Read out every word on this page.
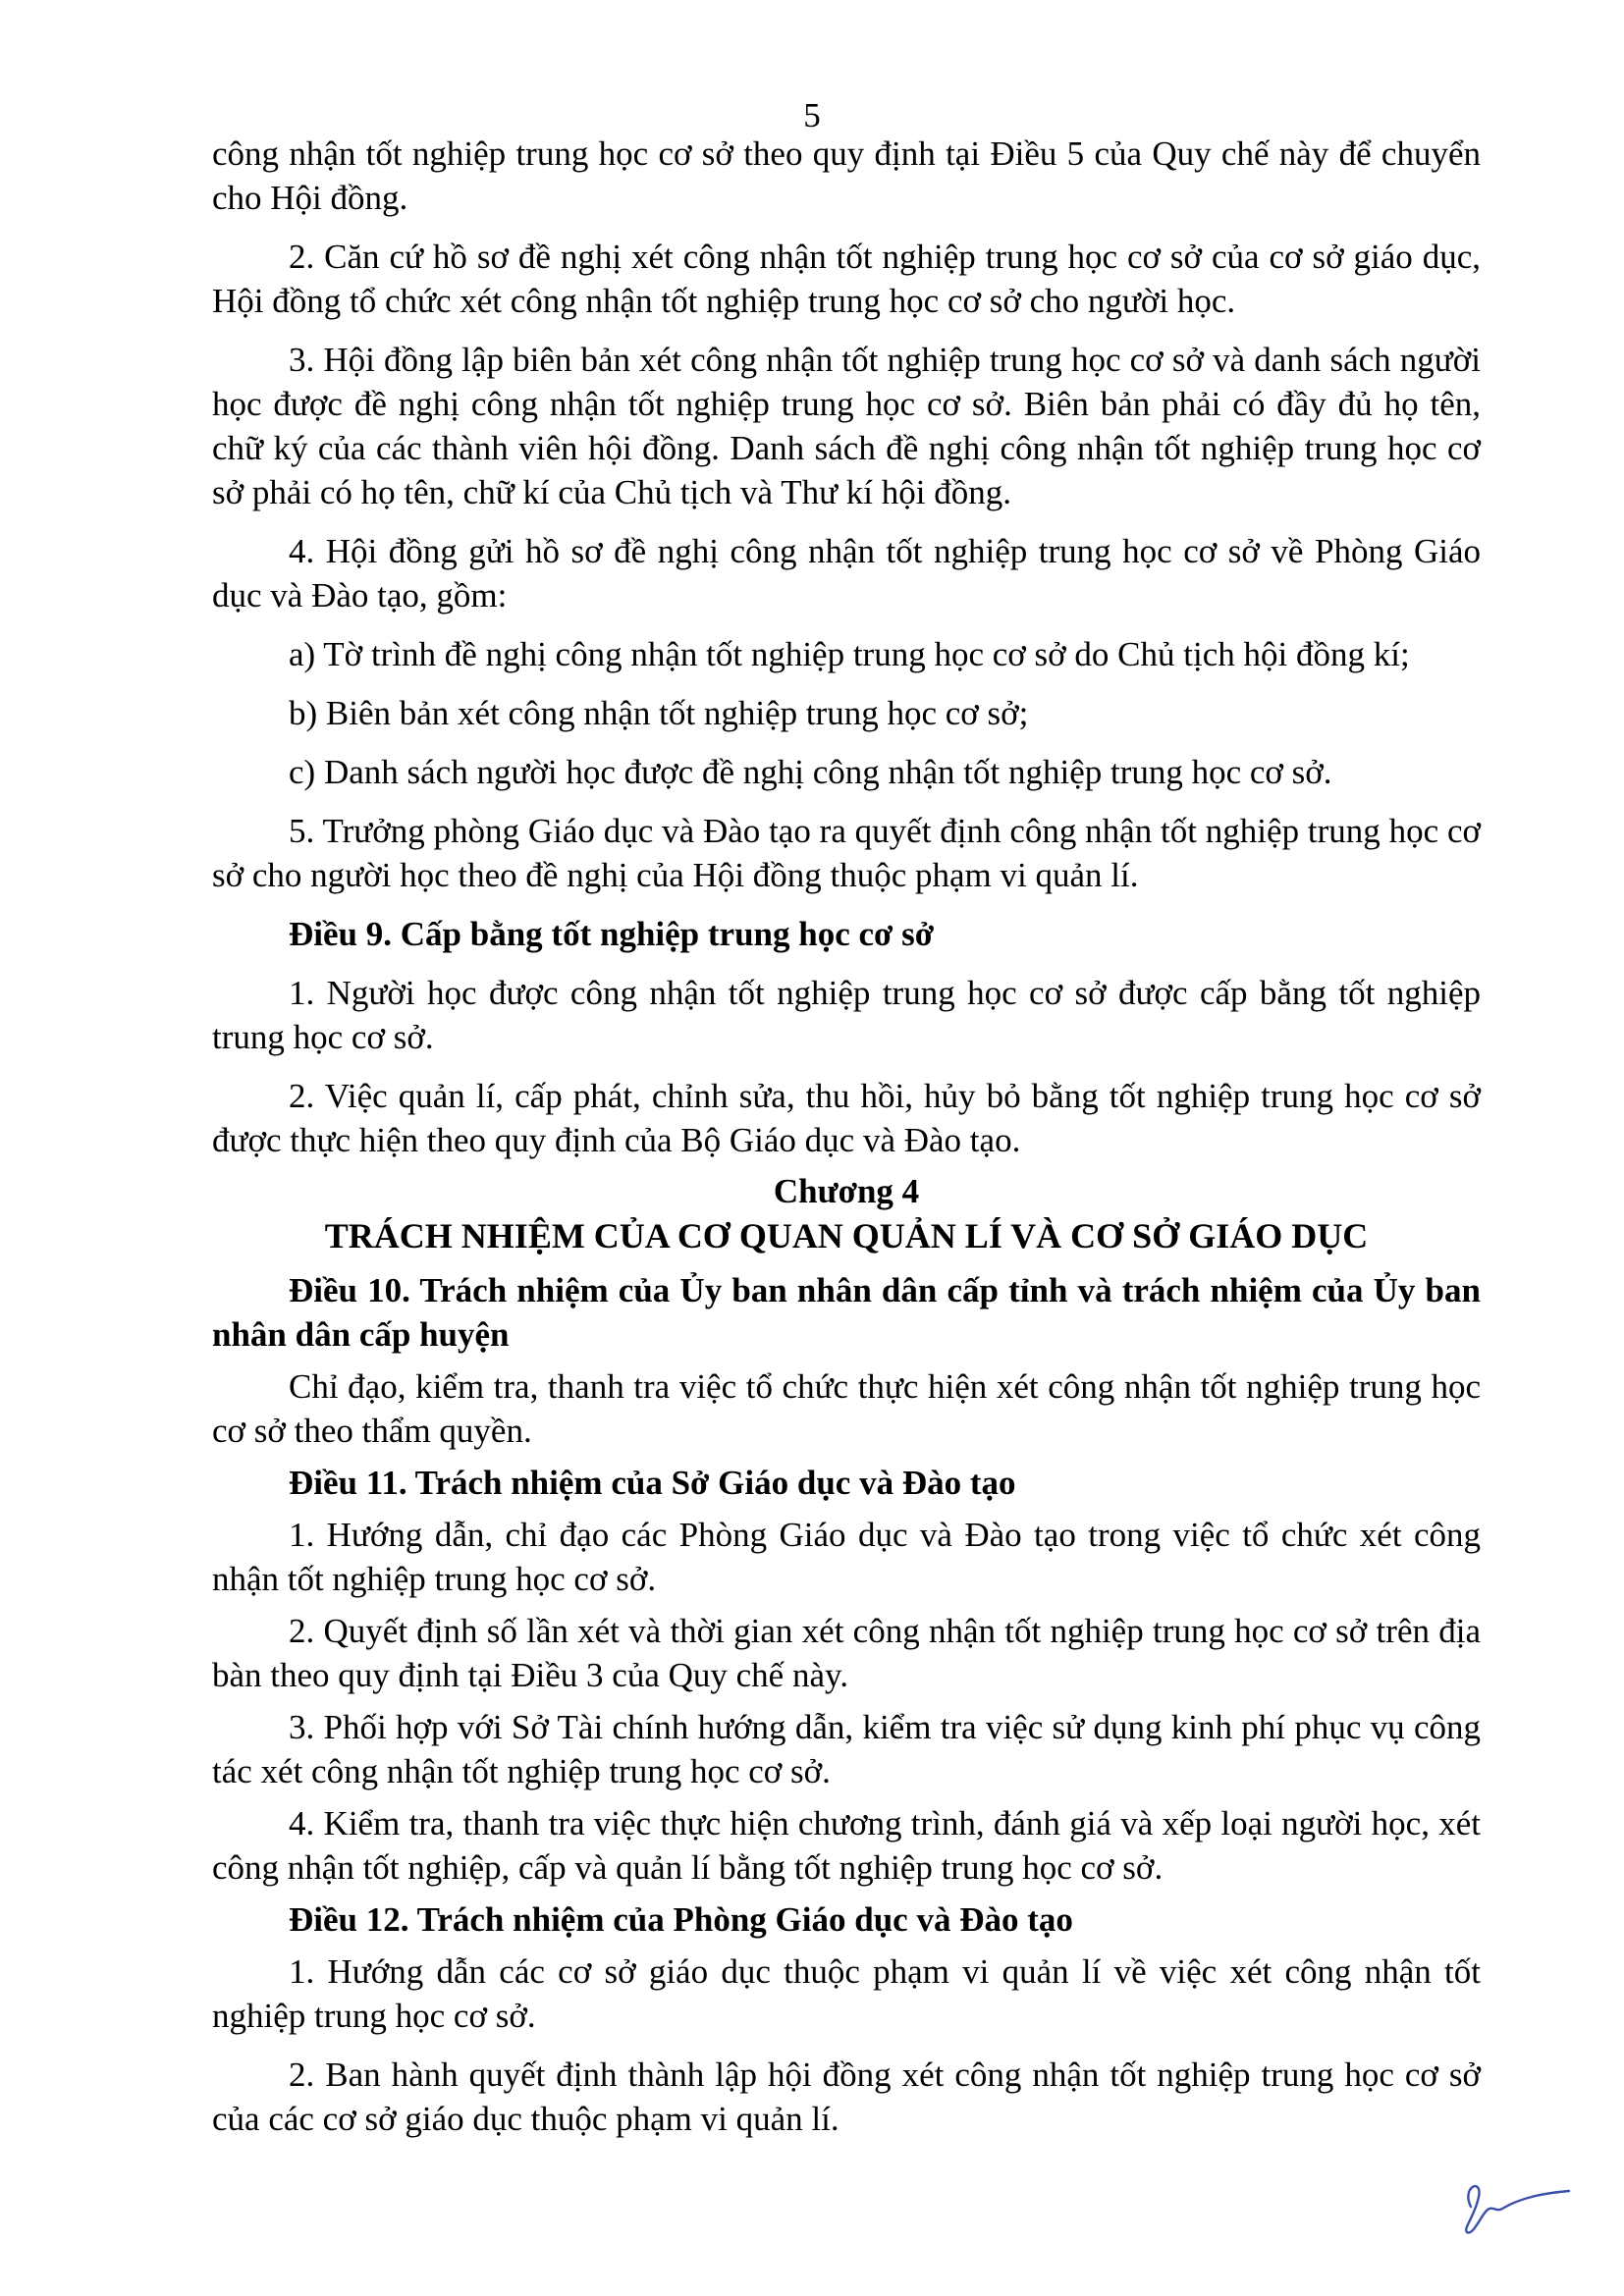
5

công nhận tốt nghiệp trung học cơ sở theo quy định tại Điều 5 của Quy chế này để chuyển cho Hội đồng.

2. Căn cứ hồ sơ đề nghị xét công nhận tốt nghiệp trung học cơ sở của cơ sở giáo dục, Hội đồng tổ chức xét công nhận tốt nghiệp trung học cơ sở cho người học.

3. Hội đồng lập biên bản xét công nhận tốt nghiệp trung học cơ sở và danh sách người học được đề nghị công nhận tốt nghiệp trung học cơ sở. Biên bản phải có đầy đủ họ tên, chữ ký của các thành viên hội đồng. Danh sách đề nghị công nhận tốt nghiệp trung học cơ sở phải có họ tên, chữ kí của Chủ tịch và Thư kí hội đồng.

4. Hội đồng gửi hồ sơ đề nghị công nhận tốt nghiệp trung học cơ sở về Phòng Giáo dục và Đào tạo, gồm:

a) Tờ trình đề nghị công nhận tốt nghiệp trung học cơ sở do Chủ tịch hội đồng kí;

b) Biên bản xét công nhận tốt nghiệp trung học cơ sở;

c) Danh sách người học được đề nghị công nhận tốt nghiệp trung học cơ sở.

5. Trưởng phòng Giáo dục và Đào tạo ra quyết định công nhận tốt nghiệp trung học cơ sở cho người học theo đề nghị của Hội đồng thuộc phạm vi quản lí.

Điều 9. Cấp bằng tốt nghiệp trung học cơ sở

1. Người học được công nhận tốt nghiệp trung học cơ sở được cấp bằng tốt nghiệp trung học cơ sở.

2. Việc quản lí, cấp phát, chỉnh sửa, thu hồi, hủy bỏ bằng tốt nghiệp trung học cơ sở được thực hiện theo quy định của Bộ Giáo dục và Đào tạo.

Chương 4

TRÁCH NHIỆM CỦA CƠ QUAN QUẢN LÍ VÀ CƠ SỞ GIÁO DỤC

Điều 10. Trách nhiệm của Ủy ban nhân dân cấp tỉnh và trách nhiệm của Ủy ban nhân dân cấp huyện

Chỉ đạo, kiểm tra, thanh tra việc tổ chức thực hiện xét công nhận tốt nghiệp trung học cơ sở theo thẩm quyền.

Điều 11. Trách nhiệm của Sở Giáo dục và Đào tạo

1. Hướng dẫn, chỉ đạo các Phòng Giáo dục và Đào tạo trong việc tổ chức xét công nhận tốt nghiệp trung học cơ sở.

2. Quyết định số lần xét và thời gian xét công nhận tốt nghiệp trung học cơ sở trên địa bàn theo quy định tại Điều 3 của Quy chế này.

3. Phối hợp với Sở Tài chính hướng dẫn, kiểm tra việc sử dụng kinh phí phục vụ công tác xét công nhận tốt nghiệp trung học cơ sở.

4. Kiểm tra, thanh tra việc thực hiện chương trình, đánh giá và xếp loại người học, xét công nhận tốt nghiệp, cấp và quản lí bằng tốt nghiệp trung học cơ sở.

Điều 12. Trách nhiệm của Phòng Giáo dục và Đào tạo

1. Hướng dẫn các cơ sở giáo dục thuộc phạm vi quản lí về việc xét công nhận tốt nghiệp trung học cơ sở.

2. Ban hành quyết định thành lập hội đồng xét công nhận tốt nghiệp trung học cơ sở của các cơ sở giáo dục thuộc phạm vi quản lí.
